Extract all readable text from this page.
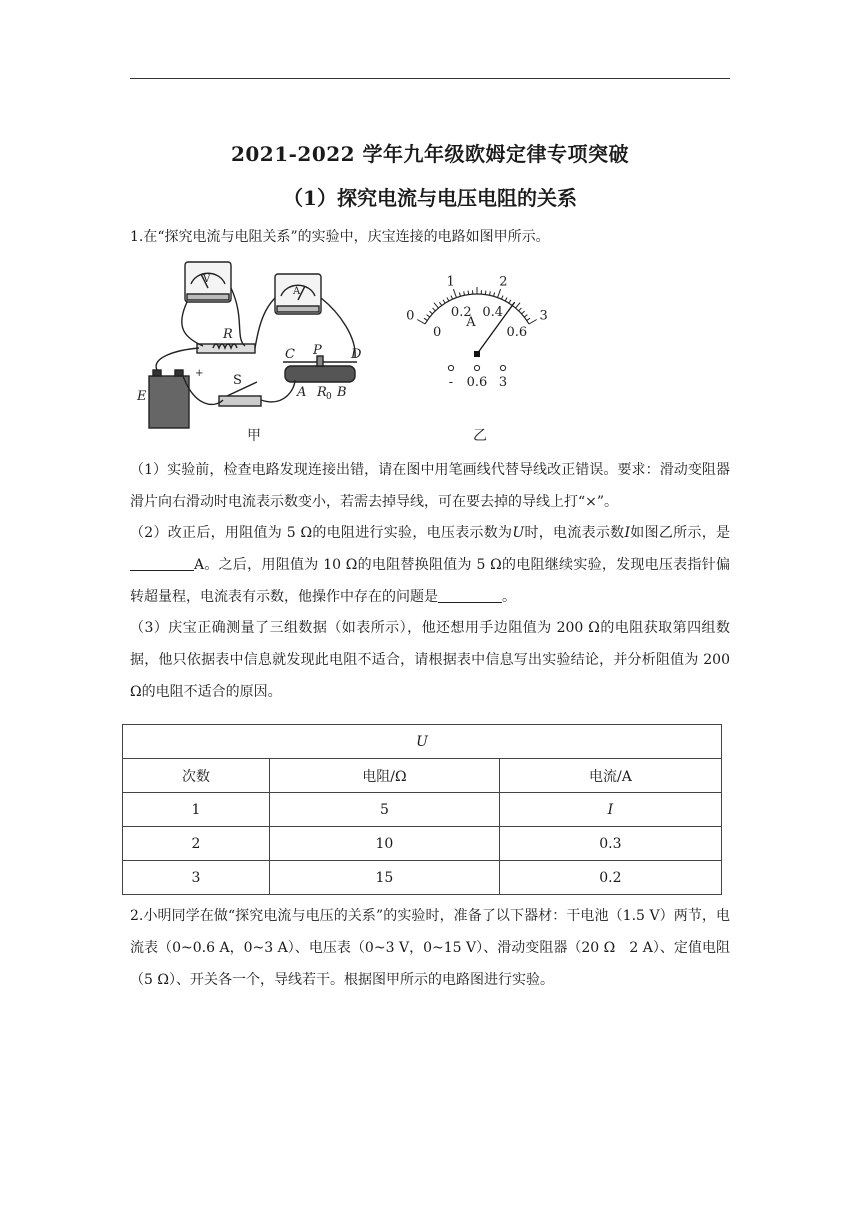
2021-2022 学年九年级欧姆定律专项突破
（1）探究电流与电压电阻的关系
1.在“探究电流与电阻关系”的实验中，庆宝连接的电路如图甲所示。
R
C P D
A R 0 B
S
E
+
V
A
甲	乙
0
1	2
3
0
0.2 0.4
0.6
A
- 0.6 3
（1）实验前，检查电路发现连接出错，请在图中用笔画线代替导线改正错误。要求：滑动变阻器滑片向右滑动时电流表示数变小，若需去掉导线，可在要去掉的导线上打“×”。
（2）改正后，用阻值为 5 Ω的电阻进行实验，电压表示数为U时，电流表示数I如图乙所示，是A。之后，用阻值为 10 Ω的电阻替换阻值为 5 Ω的电阻继续实验，发现电压表指针偏转超量程，电流表有示数，他操作中存在的问题是	。
（3）庆宝正确测量了三组数据（如表所示），他还想用手边阻值为 200 Ω的电阻获取第四组数据，他只依据表中信息就发现此电阻不适合，请根据表中信息写出实验结论，并分析阻值为 200 Ω的电阻不适合的原因。
U		
次数	电阻/Ω	电流/A
1	5	I
2	10	0.3
3	15	0.2
2.小明同学在做“探究电流与电压的关系”的实验时，准备了以下器材：干电池（1.5 V）两节，电流表（0~0.6 A，0~3 A）、电压表（0~3 V，0~15 V）、滑动变阻器（20 Ω　2 A）、定值电阻（5 Ω）、开关各一个，导线若干。根据图甲所示的电路图进行实验。
